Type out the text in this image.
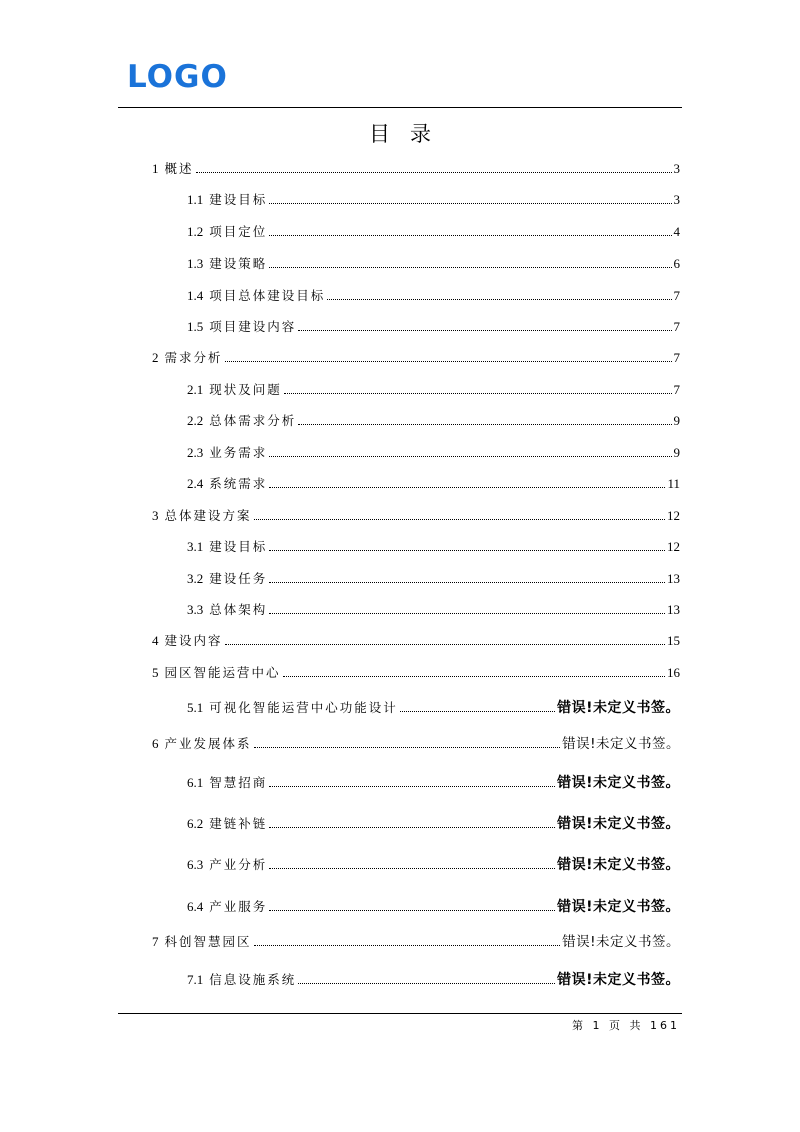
LOGO
目录
1 概述	3
1.1 建设目标	3
1.2 项目定位	4
1.3 建设策略	6
1.4 项目总体建设目标	7
1.5 项目建设内容	7
2 需求分析	7
2.1 现状及问题	7
2.2 总体需求分析	9
2.3 业务需求	9
2.4 系统需求	11
3 总体建设方案	12
3.1 建设目标	12
3.2 建设任务	13
3.3 总体架构	13
4 建设内容	15
5 园区智能运营中心	16
5.1 可视化智能运营中心功能设计	错误!未定义书签。
6 产业发展体系	错误!未定义书签。
6.1 智慧招商	错误!未定义书签。
6.2 建链补链	错误!未定义书签。
6.3 产业分析	错误!未定义书签。
6.4 产业服务	错误!未定义书签。
7 科创智慧园区	错误!未定义书签。
7.1 信息设施系统	错误!未定义书签。
第 1 页 共 161
